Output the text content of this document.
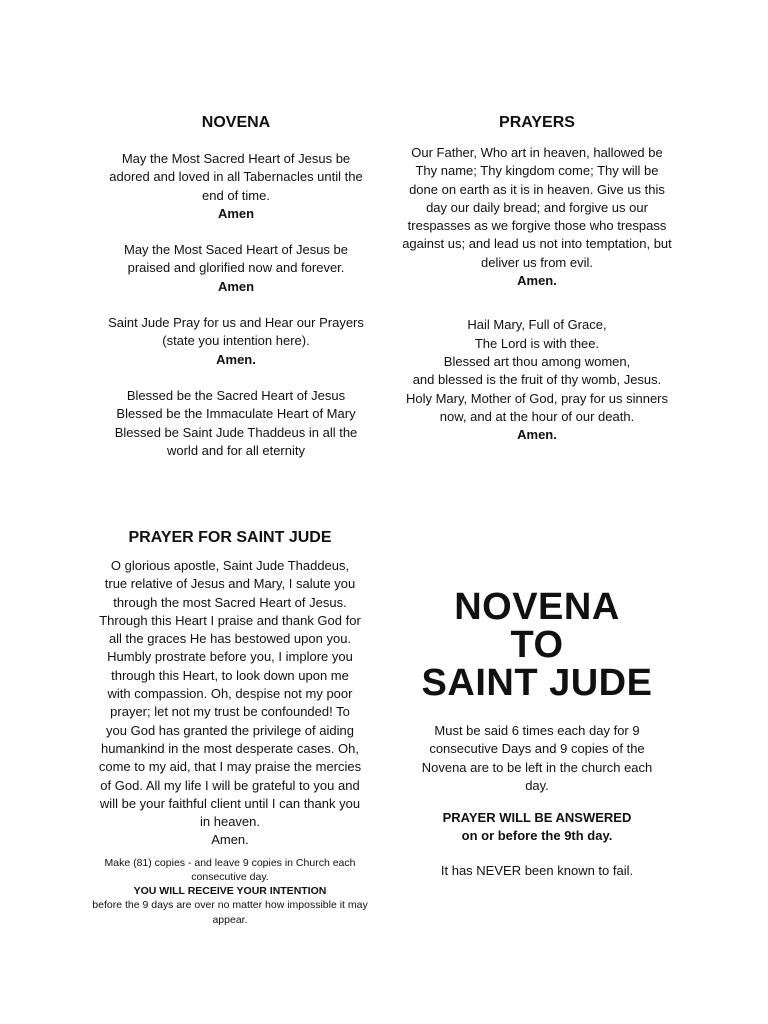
NOVENA

May the Most Sacred Heart of Jesus be adored and loved in all Tabernacles until the end of time.
Amen

May the Most Saced Heart of Jesus be praised and glorified now and forever.
Amen

Saint Jude Pray for us and Hear our Prayers (state you intention here).
Amen.

Blessed be the Sacred Heart of Jesus
Blessed be the Immaculate Heart of Mary
Blessed be Saint Jude Thaddeus in all the world and for all eternity

PRAYERS

Our Father, Who art in heaven, hallowed be Thy name; Thy kingdom come; Thy will be done on earth as it is in heaven. Give us this day our daily bread; and forgive us our trespasses as we forgive those who trespass against us; and lead us not into temptation, but deliver us from evil.
Amen.

Hail Mary, Full of Grace,
The Lord is with thee.
Blessed art thou among women,
and blessed is the fruit of thy womb, Jesus.
Holy Mary, Mother of God, pray for us sinners now, and at the hour of our death.
Amen.

PRAYER FOR SAINT JUDE

O glorious apostle, Saint Jude Thaddeus, true relative of Jesus and Mary, I salute you through the most Sacred Heart of Jesus. Through this Heart I praise and thank God for all the graces He has bestowed upon you. Humbly prostrate before you, I implore you through this Heart, to look down upon me with compassion. Oh, despise not my poor prayer; let not my trust be confounded! To you God has granted the privilege of aiding humankind in the most desperate cases. Oh, come to my aid, that I may praise the mercies of God. All my life I will be grateful to you and will be your faithful client until I can thank you in heaven.
Amen.

Make (81) copies - and leave 9 copies in Church each consecutive day.
YOU WILL RECEIVE YOUR INTENTION
before the 9 days are over no matter how impossible it may appear.

NOVENA
TO
SAINT JUDE

Must be said 6 times each day for 9 consecutive Days and 9 copies of the Novena are to be left in the church each day.

PRAYER WILL BE ANSWERED
on or before the 9th day.

It has NEVER been known to fail.
